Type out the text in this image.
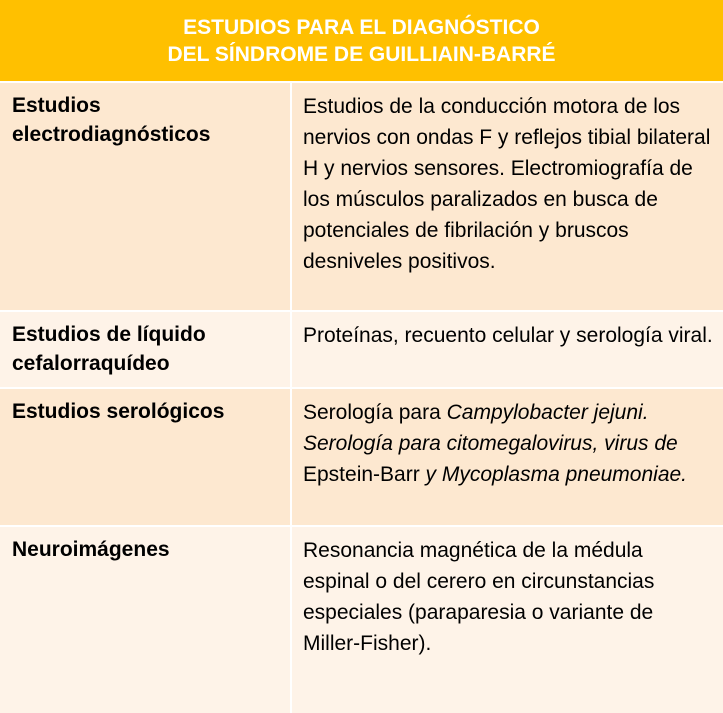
ESTUDIOS PARA EL DIAGNÓSTICO
DEL SÍNDROME DE GUILLIAIN-BARRÉ
Estudios
electrodiagnósticos
Estudios de la conducción motora de los nervios con ondas F y reflejos tibial bilateral H y nervios sensores. Electromiografía de los músculos paralizados en busca de potenciales de fibrilación y bruscos desniveles positivos.
Estudios de líquido
cefalorraquídeo
Proteínas, recuento celular y serología viral.
Estudios serológicos	Serología para Campylobacter jejuni. Serología para citomegalovirus, virus de Epstein-Barr y Mycoplasma pneumoniae.
Neuroimágenes	Resonancia magnética de la médula espinal o del cerero en circunstancias especiales (paraparesia o variante de Miller-Fisher).
